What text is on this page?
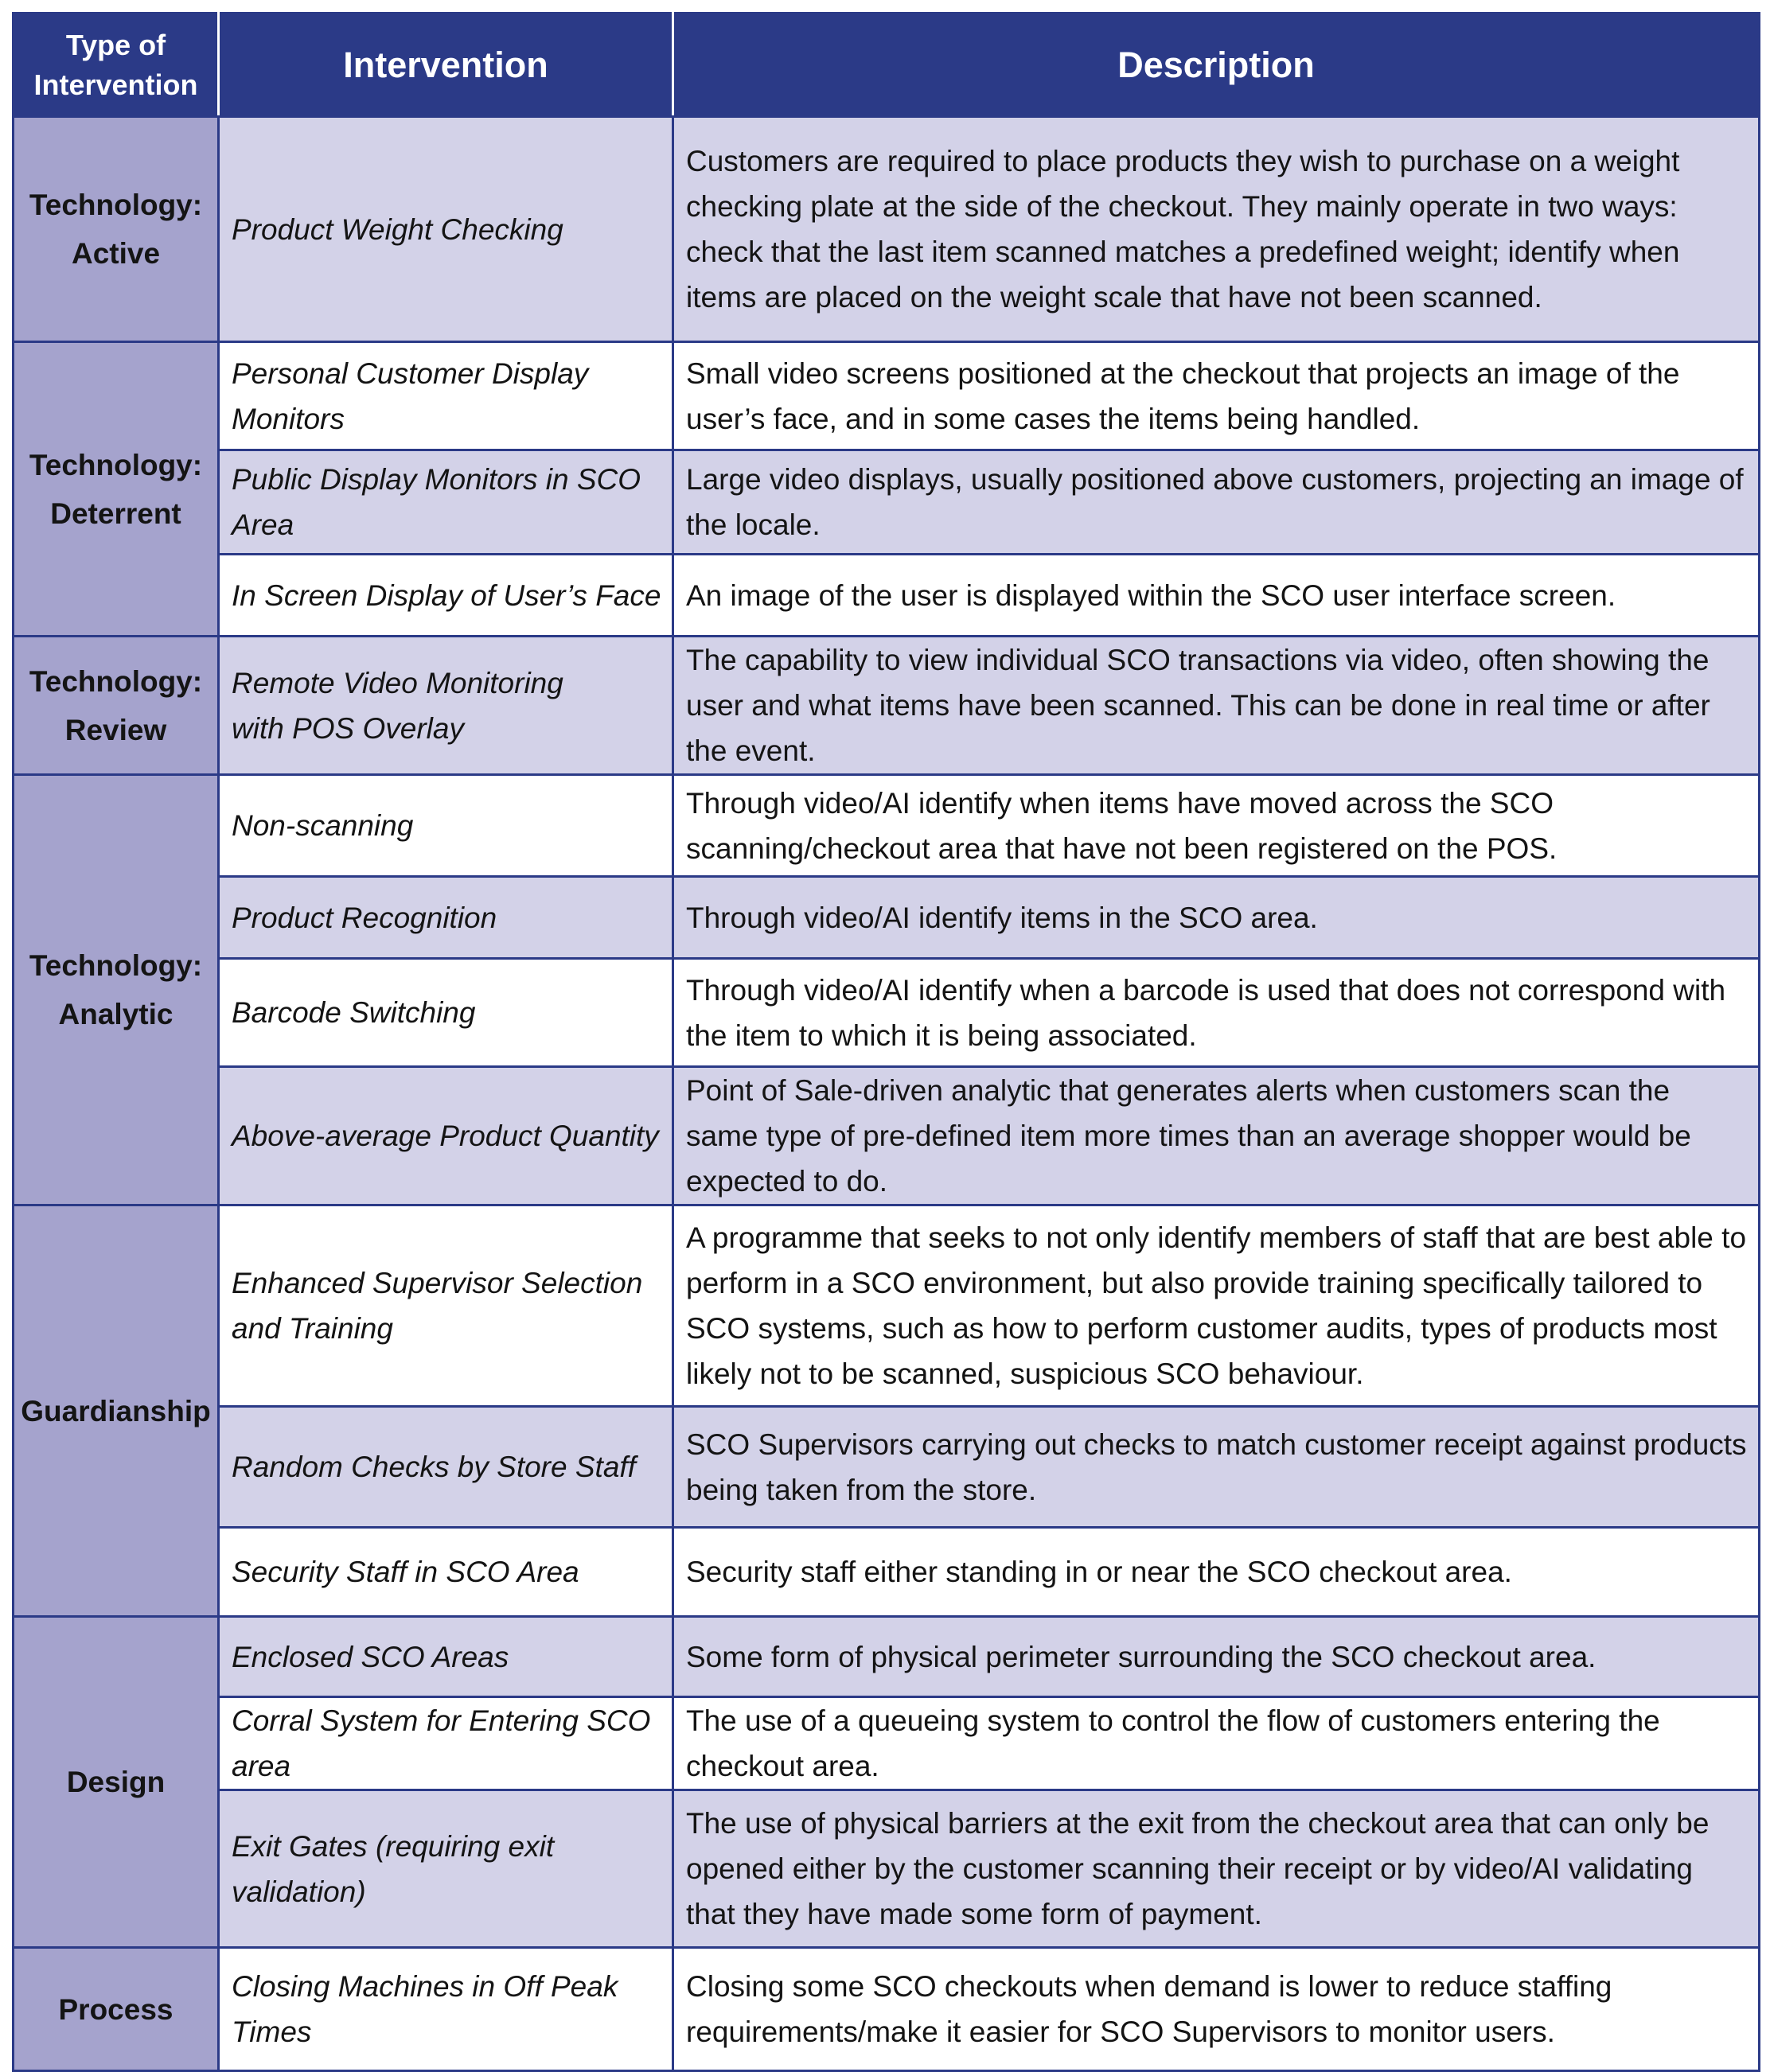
Type of
Intervention	Intervention	Description

Technology:
Active	Product Weight Checking	Customers are required to place products they wish to purchase on a weight checking plate at the side of the checkout. They mainly operate in two ways: check that the last item scanned matches a predefined weight; identify when items are placed on the weight scale that have not been scanned.

Technology:
Deterrent	Personal Customer Display Monitors	Small video screens positioned at the checkout that projects an image of the user’s face, and in some cases the items being handled.

	Public Display Monitors in SCO Area	Large video displays, usually positioned above customers, projecting an image of the locale.

	In Screen Display of User’s Face	An image of the user is displayed within the SCO user interface screen.

Technology:
Review	Remote Video Monitoring
with POS Overlay	The capability to view individual SCO transactions via video, often showing the user and what items have been scanned. This can be done in real time or after the event.

Technology:
Analytic	Non-scanning	Through video/AI identify when items have moved across the SCO scanning/checkout area that have not been registered on the POS.

	Product Recognition	Through video/AI identify items in the SCO area.

	Barcode Switching	Through video/AI identify when a barcode is used that does not correspond with the item to which it is being associated.

	Above-average Product Quantity	Point of Sale-driven analytic that generates alerts when customers scan the same type of pre-defined item more times than an average shopper would be expected to do.

Guardianship	Enhanced Supervisor Selection
and Training	A programme that seeks to not only identify members of staff that are best able to perform in a SCO environment, but also provide training specifically tailored to SCO systems, such as how to perform customer audits, types of products most likely not to be scanned, suspicious SCO behaviour.

	Random Checks by Store Staff	SCO Supervisors carrying out checks to match customer receipt against products being taken from the store.

	Security Staff in SCO Area	Security staff either standing in or near the SCO checkout area.

Design	Enclosed SCO Areas	Some form of physical perimeter surrounding the SCO checkout area.

	Corral System for Entering SCO area	The use of a queueing system to control the flow of customers entering the checkout area.

	Exit Gates (requiring exit validation)	The use of physical barriers at the exit from the checkout area that can only be opened either by the customer scanning their receipt or by video/AI validating that they have made some form of payment.

Process	Closing Machines in Off Peak Times	Closing some SCO checkouts when demand is lower to reduce staffing requirements/make it easier for SCO Supervisors to monitor users.
